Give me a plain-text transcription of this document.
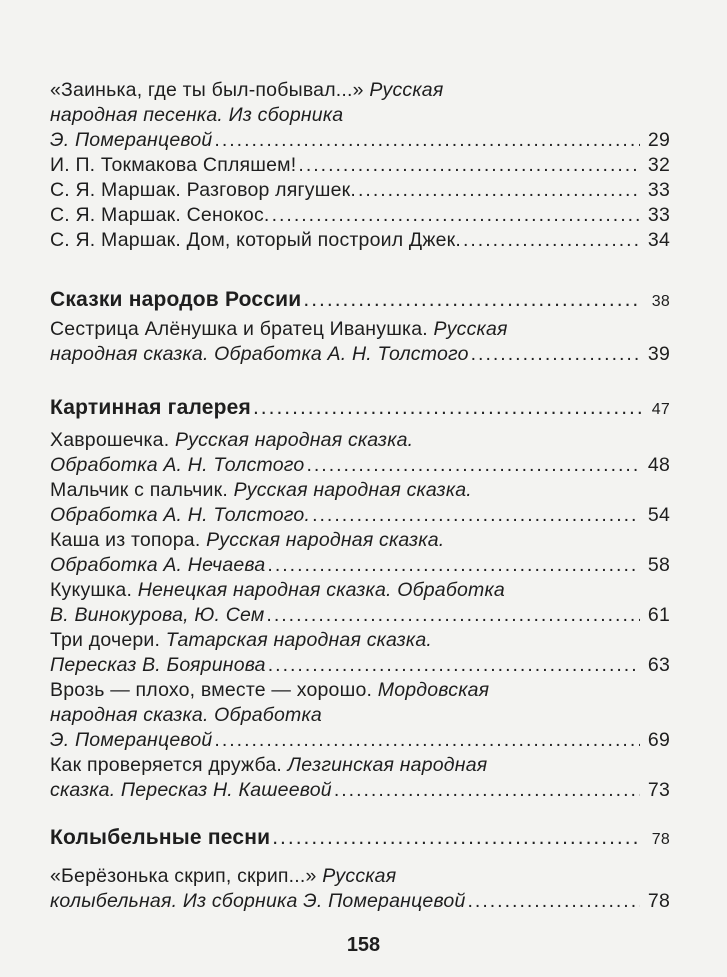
«Заинька, где ты был-побывал...»
Русская
народная песенка. Из сборника
Э. Померанцевой .....	29
И. П. Токмакова Спляшем! .....	32
С. Я. Маршак. Разговор лягушек. .....	33
С. Я. Маршак. Сенокос. .....	33
С. Я. Маршак. Дом, который построил Джек. .....	34
Сказки народов России .....	38
Сестрица Алёнушка и братец Иванушка.
Русская
народная сказка. Обработка А. Н. Толстого .....	39
Картинная галерея .....	47
Хаврошечка.
Русская народная сказка.
Обработка А. Н. Толстого .....	48
Мальчик с пальчик.
Русская народная сказка.
Обработка А. Н. Толстого. .....	54
Каша из топора.
Русская народная сказка.
Обработка А. Нечаева .....	58
Кукушка.
Ненецкая народная сказка. Обработка
В. Винокурова, Ю. Сем .....	61
Три дочери.
Татарская народная сказка.
Пересказ В. Бояринова .....	63
Врозь — плохо, вместе — хорошо.
Мордовская
народная сказка. Обработка
Э. Померанцевой .....	69
Как проверяется дружба.
Лезгинская народная
сказка. Пересказ Н. Кашеевой .....	73
Колыбельные песни .....	78
«Берёзонька скрип, скрип...»
Русская
колыбельная. Из сборника Э. Померанцевой .....	78
158
